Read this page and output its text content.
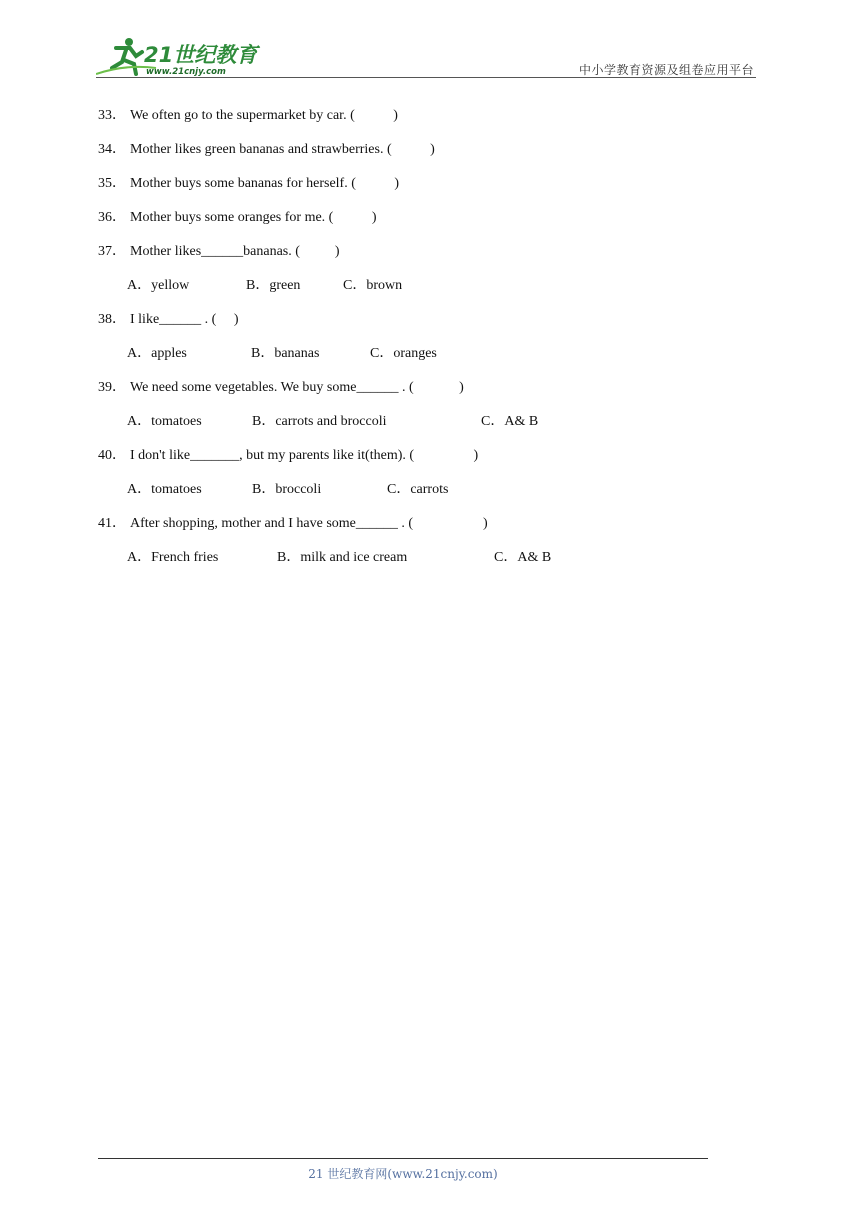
21世纪教育
www.21cnjy.com	中小学教育资源及组卷应用平台
33． We often go to the supermarket by car. (           )
34． Mother likes green bananas and strawberries. (           )
35． Mother buys some bananas for herself. (           )
36． Mother buys some oranges for me. (           )
37． Mother likes______bananas. (          )

A．yellow

	B．green

	C．brown

38． I like______ . (     )

A．apples

	B．bananas

	C．oranges

39． We need some vegetables. We buy some______ . (             )

A．tomatoes

	B．carrots and broccoli

	C．A& B

40． I don't like_______, but my parents like it(them). (                 )

A．tomatoes

	B．broccoli

	C．carrots

41． After shopping, mother and I have some______ . (                    )

A．French fries

	B．milk and ice cream

	C．A& B

21 世纪教育网(www.21cnjy.com)
